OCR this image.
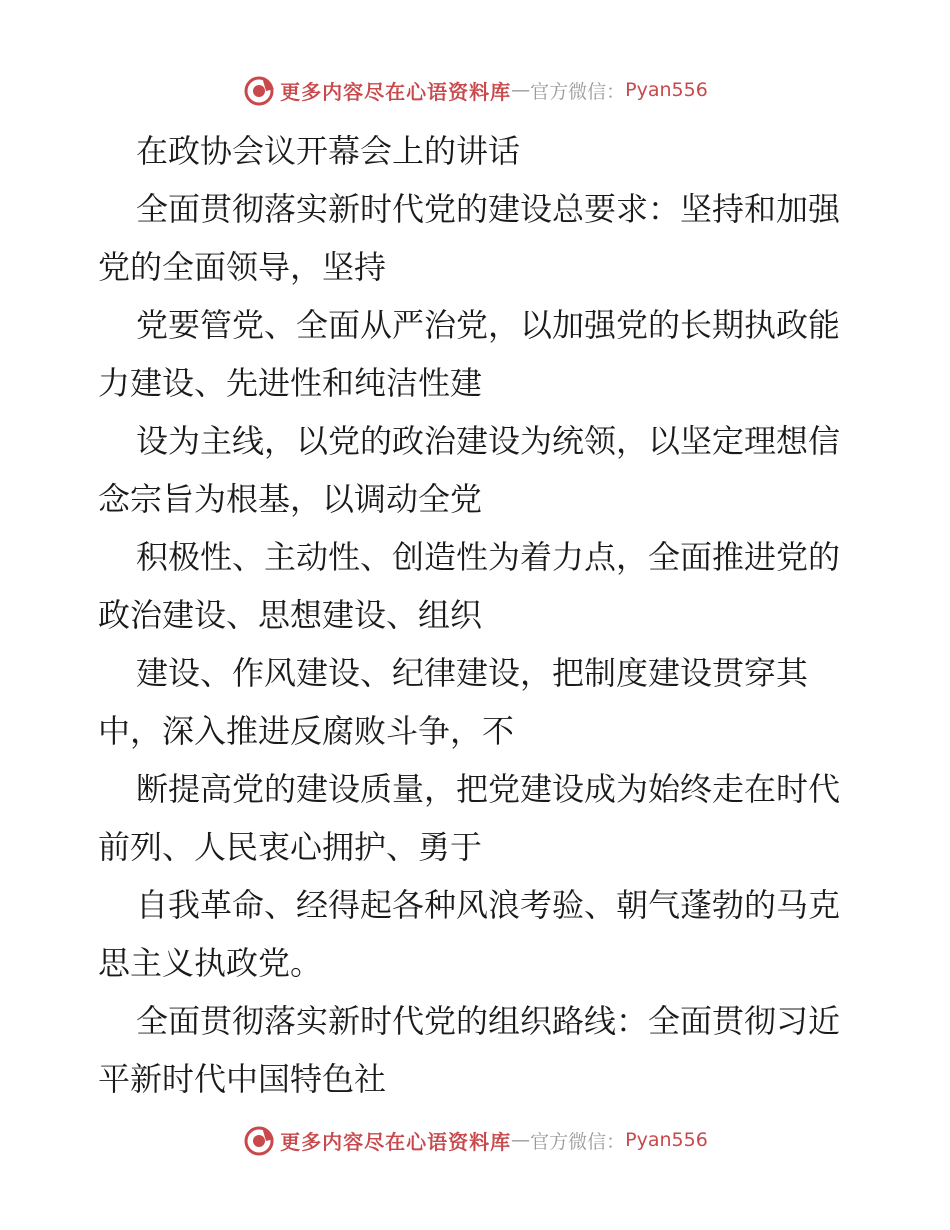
更多内容尽在心语资料库 — 官方微信： Pyan556

在政协会议开幕会上的讲话

全面贯彻落实新时代党的建设总要求：坚持和加强党的全面领导，坚持

党要管党、全面从严治党，以加强党的长期执政能力建设、先进性和纯洁性建

设为主线，以党的政治建设为统领，以坚定理想信念宗旨为根基，以调动全党

积极性、主动性、创造性为着力点，全面推进党的政治建设、思想建设、组织

建设、作风建设、纪律建设，把制度建设贯穿其中，深入推进反腐败斗争，不

断提高党的建设质量，把党建设成为始终走在时代前列、人民衷心拥护、勇于

自我革命、经得起各种风浪考验、朝气蓬勃的马克思主义执政党。

全面贯彻落实新时代党的组织路线：全面贯彻习近平新时代中国特色社

更多内容尽在心语资料库 — 官方微信： Pyan556
